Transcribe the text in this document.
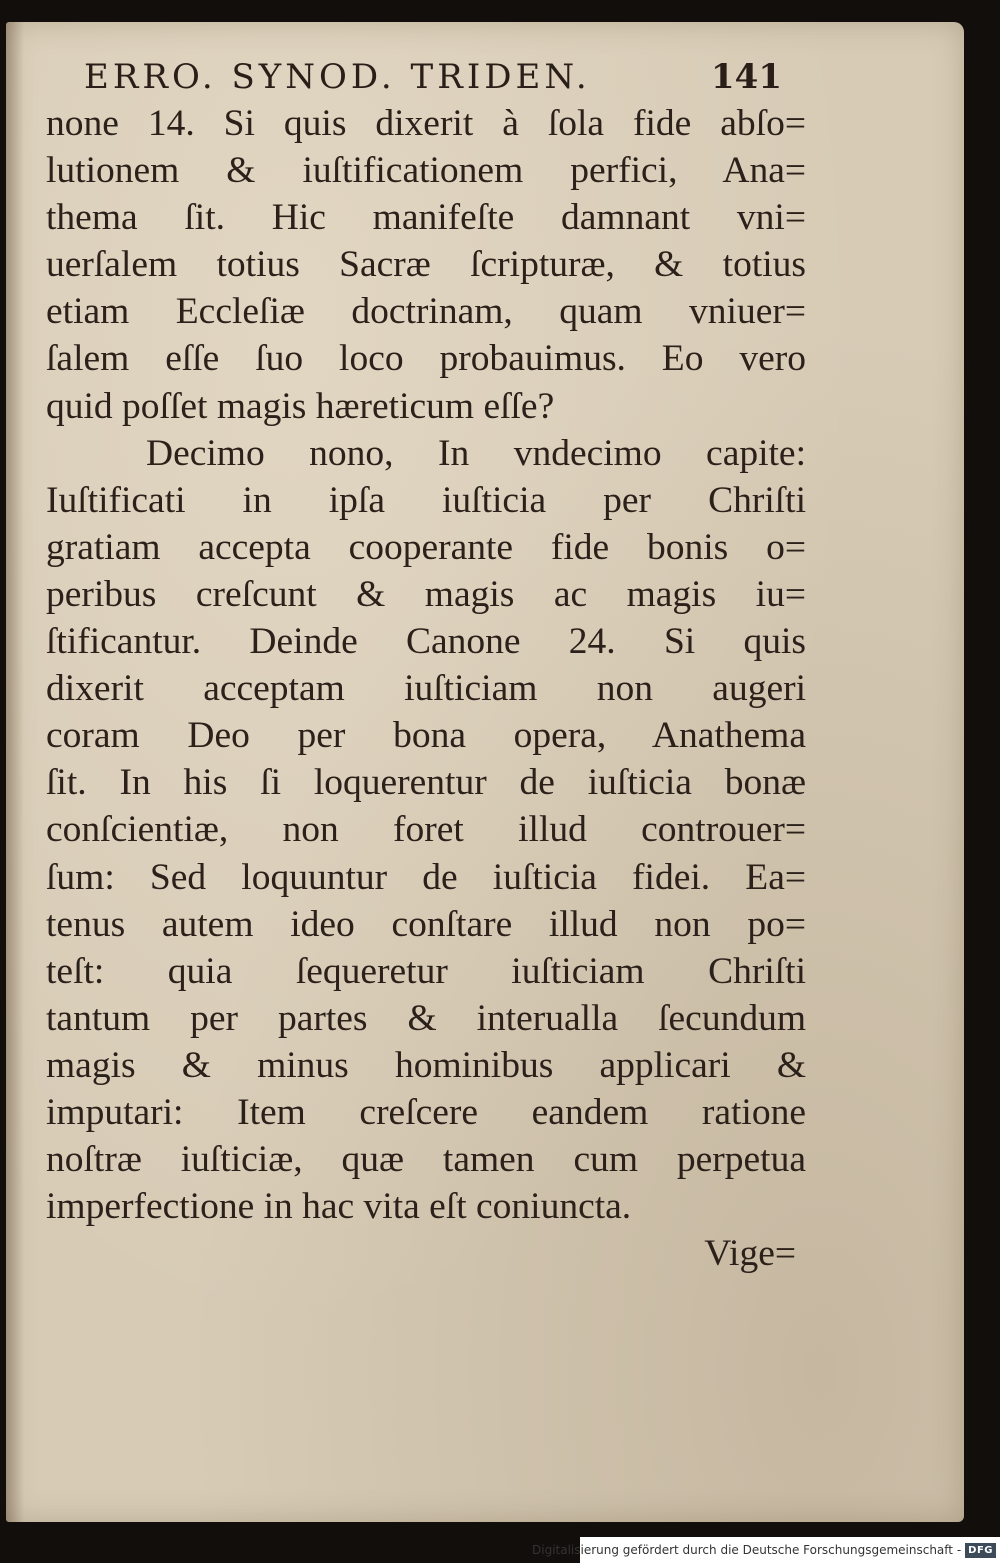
ERRO. SYNOD. TRIDEN.	141
none 14. Si quis dixerit à ſola fide abſo=
lutionem & iuſtificationem perfici, Ana=
thema ſit. Hic manifeſte damnant vni=
uerſalem totius Sacræ ſcripturæ, & totius
etiam Eccleſiæ doctrinam, quam vniuer=
ſalem eſſe ſuo loco probauimus. Eo vero
quid poſſet magis hæreticum eſſe?
Decimo nono, In vndecimo capite:
Iuſtificati in ipſa iuſticia per Chriſti
gratiam accepta cooperante fide bonis o=
peribus creſcunt & magis ac magis iu=
ſtificantur. Deinde Canone 24. Si quis
dixerit acceptam iuſticiam non augeri
coram Deo per bona opera, Anathema
ſit. In his ſi loquerentur de iuſticia bonæ
conſcientiæ, non foret illud controuer=
ſum: Sed loquuntur de iuſticia fidei. Ea=
tenus autem ideo conſtare illud non po=
teſt: quia ſequeretur iuſticiam Chriſti
tantum per partes & interualla ſecundum
magis & minus hominibus applicari &
imputari: Item creſcere eandem ratione
noſtræ iuſticiæ, quæ tamen cum perpetua
imperfectione in hac vita eſt coniuncta.
Vige=
Digitalisierung gefördert durch die Deutsche Forschungsgemeinschaft - DFG
